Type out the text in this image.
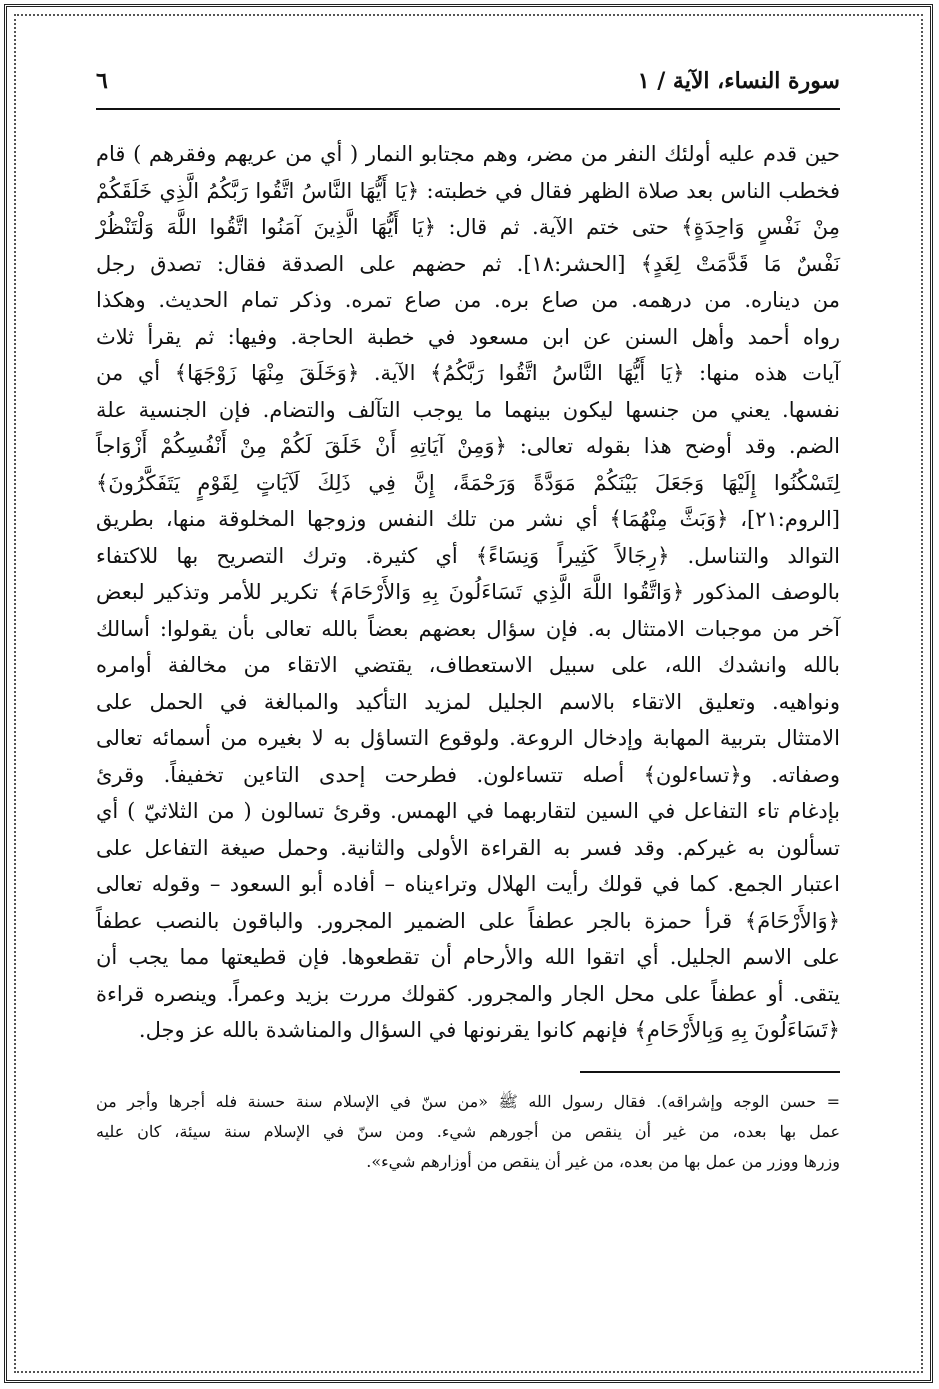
سورة النساء، الآية / ١
٦
حين قدم عليه أولئك النفر من مضر، وهم مجتابو النمار ( أي من عريهم وفقرهم ) قام
فخطب الناس بعد صلاة الظهر فقال في خطبته: ﴿يَا أَيُّهَا النَّاسُ اتَّقُوا رَبَّكُمُ الَّذِي خَلَقَكُمْ
مِنْ نَفْسٍ وَاحِدَةٍ﴾ حتى ختم الآية. ثم قال: ﴿يَا أَيُّهَا الَّذِينَ آمَنُوا اتَّقُوا اللَّهَ وَلْتَنْظُرْ
نَفْسٌ مَا قَدَّمَتْ لِغَدٍ﴾ [الحشر:١٨]. ثم حضهم على الصدقة فقال: تصدق رجل
من ديناره. من درهمه. من صاع بره. من صاع تمره. وذكر تمام الحديث. وهكذا
رواه أحمد وأهل السنن عن ابن مسعود في خطبة الحاجة. وفيها: ثم يقرأ ثلاث
آيات هذه منها: ﴿يَا أَيُّهَا النَّاسُ اتَّقُوا رَبَّكُمُ﴾ الآية. ﴿وَخَلَقَ مِنْهَا زَوْجَهَا﴾ أي من
نفسها. يعني من جنسها ليكون بينهما ما يوجب التآلف والتضام. فإن الجنسية علة
الضم. وقد أوضح هذا بقوله تعالى: ﴿وَمِنْ آيَاتِهِ أَنْ خَلَقَ لَكُمْ مِنْ أَنْفُسِكُمْ أَزْوَاجاً
لِتَسْكُنُوا إِلَيْهَا وَجَعَلَ بَيْنَكُمْ مَوَدَّةً وَرَحْمَةً، إِنَّ فِي ذَلِكَ لَآيَاتٍ لِقَوْمٍ يَتَفَكَّرُونَ﴾
[الروم:٢١]، ﴿وَبَثَّ مِنْهُمَا﴾ أي نشر من تلك النفس وزوجها المخلوقة منها، بطريق
التوالد والتناسل. ﴿رِجَالاً كَثِيراً وَنِسَاءً﴾ أي كثيرة. وترك التصريح بها للاكتفاء
بالوصف المذكور ﴿وَاتَّقُوا اللَّهَ الَّذِي تَسَاءَلُونَ بِهِ وَالأَرْحَامَ﴾ تكرير للأمر وتذكير لبعض
آخر من موجبات الامتثال به. فإن سؤال بعضهم بعضاً بالله تعالى بأن يقولوا: أسالك
بالله وانشدك الله، على سبيل الاستعطاف، يقتضي الاتقاء من مخالفة أوامره
ونواهيه. وتعليق الاتقاء بالاسم الجليل لمزيد التأكيد والمبالغة في الحمل على
الامتثال بتربية المهابة وإدخال الروعة. ولوقوع التساؤل به لا بغيره من أسمائه تعالى
وصفاته. و﴿تساءلون﴾ أصله تتساءلون. فطرحت إحدى التاءين تخفيفاً. وقرئ
بإدغام تاء التفاعل في السين لتقاربهما في الهمس. وقرئ تسالون ( من الثلاثيّ ) أي
تسألون به غيركم. وقد فسر به القراءة الأولى والثانية. وحمل صيغة التفاعل على
اعتبار الجمع. كما في قولك رأيت الهلال وتراءيناه – أفاده أبو السعود – وقوله تعالى
﴿وَالأَرْحَامَ﴾ قرأ حمزة بالجر عطفاً على الضمير المجرور. والباقون بالنصب عطفاً
على الاسم الجليل. أي اتقوا الله والأرحام أن تقطعوها. فإن قطيعتها مما يجب أن
يتقى. أو عطفاً على محل الجار والمجرور. كقولك مررت بزيد وعمراً. وينصره قراءة
﴿تَسَاءَلُونَ بِهِ وَبِالأَرْحَامِ﴾ فإنهم كانوا يقرنونها في السؤال والمناشدة بالله عز وجل.
= حسن الوجه وإشراقه). فقال رسول الله ﷺ «من سنّ في الإسلام سنة حسنة فله أجرها وأجر من
عمل بها بعده، من غير أن ينقص من أجورهم شيء. ومن سنّ في الإسلام سنة سيئة، كان عليه
وزرها ووزر من عمل بها من بعده، من غير أن ينقص من أوزارهم شيء».
